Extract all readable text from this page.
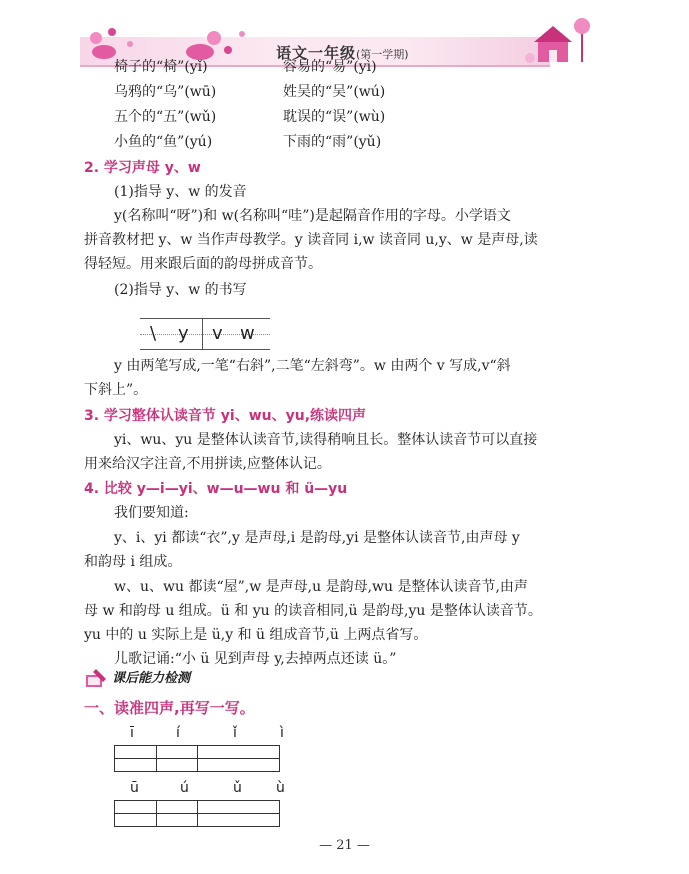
语文一年级(第一学期)
椅子的“椅”(yǐ)	容易的“易”(yì)
乌鸦的“乌”(wū)	姓吴的“吴”(wú)
五个的“五”(wǔ)	耽误的“误”(wù)
小鱼的“鱼”(yú)	下雨的“雨”(yǔ)
2. 学习声母 y、w
(1)指导 y、w 的发音
y(名称叫“呀”)和 w(名称叫“哇”)是起隔音作用的字母。小学语文
拼音教材把 y、w 当作声母教学。y 读音同 i,w 读音同 u,y、w 是声母,读
得轻短。用来跟后面的韵母拼成音节。
(2)指导 y、w 的书写
\ y v w
y 由两笔写成,一笔“右斜”,二笔“左斜弯”。w 由两个 v 写成,v“斜
下斜上”。
3. 学习整体认读音节 yi、wu、yu,练读四声
yi、wu、yu 是整体认读音节,读得稍响且长。整体认读音节可以直接
用来给汉字注音,不用拼读,应整体认记。
4. 比较 y—i—yi、w—u—wu 和 ü—yu
我们要知道:
y、i、yi 都读“衣”,y 是声母,i 是韵母,yi 是整体认读音节,由声母 y
和韵母 i 组成。
w、u、wu 都读“屋”,w 是声母,u 是韵母,wu 是整体认读音节,由声
母 w 和韵母 u 组成。ü 和 yu 的读音相同,ü 是韵母,yu 是整体认读音节。
yu 中的 u 实际上是 ü,y 和 ü 组成音节,ü 上两点省写。
儿歌记诵:“小 ü 见到声母 y,去掉两点还读 ü。”
课后能力检测
一、读准四声,再写一写。
ī	í	ǐ	ì

ū	ú	ǔ ù

— 21 —
